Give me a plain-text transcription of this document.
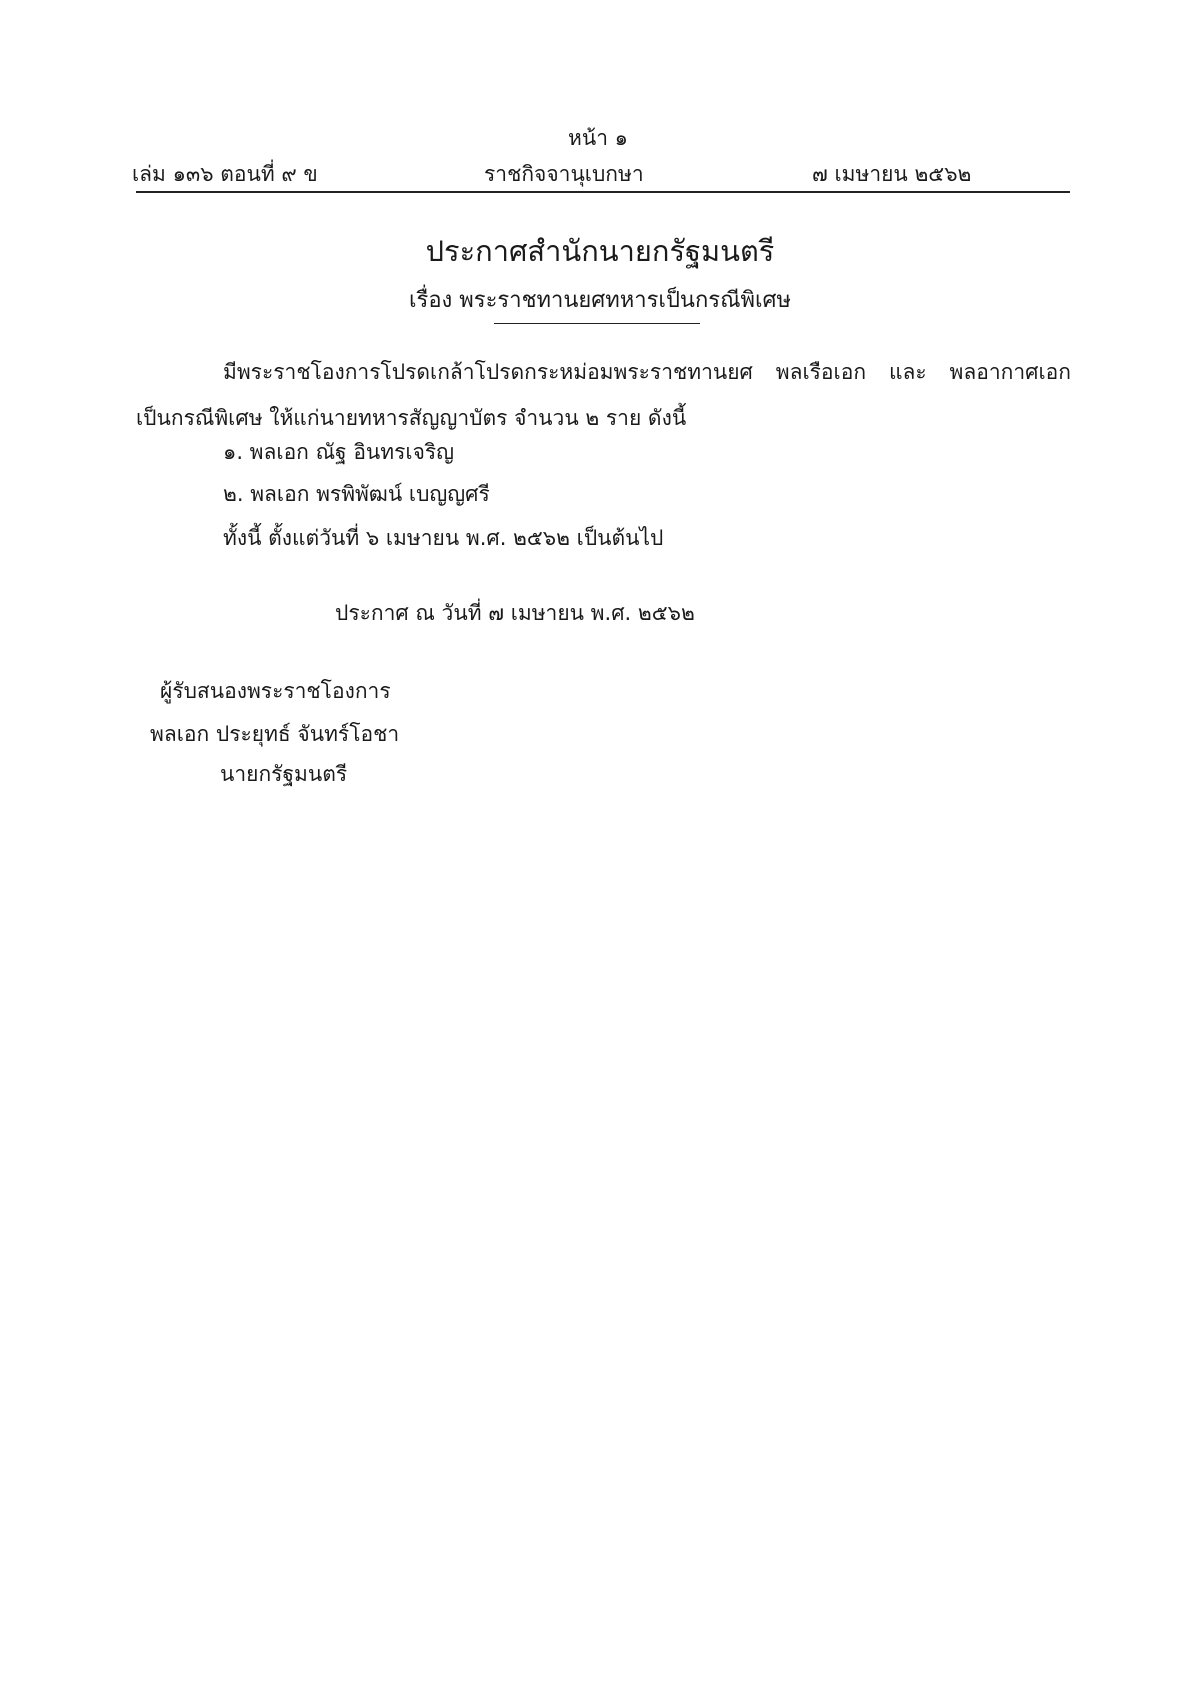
หน้า ๑
เล่ม ๑๓๖ ตอนที่ ๙ ข	ราชกิจจานุเบกษา	๗ เมษายน ๒๕๖๒
ประกาศสำนักนายกรัฐมนตรี
เรื่อง พระราชทานยศทหารเป็นกรณีพิเศษ
มีพระราชโองการโปรดเกล้าโปรดกระหม่อมพระราชทานยศ พลเรือเอก และ พลอากาศเอก
เป็นกรณีพิเศษ ให้แก่นายทหารสัญญาบัตร จำนวน ๒ ราย ดังนี้
๑. พลเอก ณัฐ อินทรเจริญ
๒. พลเอก พรพิพัฒน์ เบญญศรี
ทั้งนี้ ตั้งแต่วันที่ ๖ เมษายน พ.ศ. ๒๕๖๒ เป็นต้นไป
ประกาศ ณ วันที่ ๗ เมษายน พ.ศ. ๒๕๖๒
ผู้รับสนองพระราชโองการ
พลเอก ประยุทธ์ จันทร์โอชา
นายกรัฐมนตรี
